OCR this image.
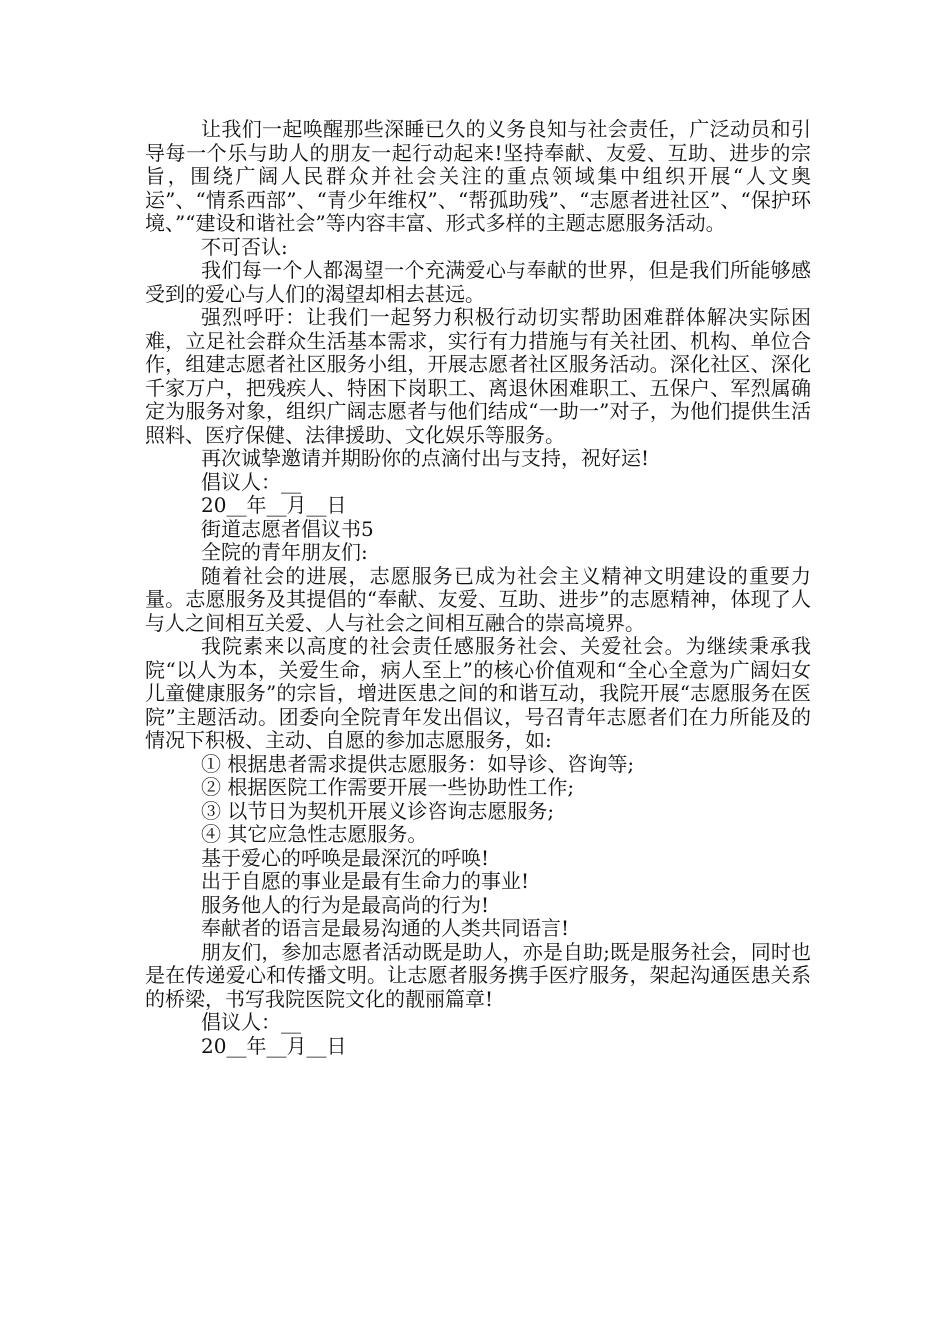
让我们一起唤醒那些深睡已久的义务良知与社会责任，广泛动员和引导每一个乐与助人的朋友一起行动起来!坚持奉献、友爱、互助、进步的宗旨，围绕广阔人民群众并社会关注的重点领域集中组织开展“人文奥运”、“情系西部”、“青少年维权”、“帮孤助残”、“志愿者进社区”、“保护环境、”“建设和谐社会”等内容丰富、形式多样的主题志愿服务活动。

不可否认:

我们每一个人都渴望一个充满爱心与奉献的世界，但是我们所能够感受到的爱心与人们的渴望却相去甚远。

强烈呼吁：让我们一起努力积极行动切实帮助困难群体解决实际困难，立足社会群众生活基本需求，实行有力措施与有关社团、机构、单位合作，组建志愿者社区服务小组，开展志愿者社区服务活动。深化社区、深化千家万户，把残疾人、特困下岗职工、离退休困难职工、五保户、军烈属确定为服务对象，组织广阔志愿者与他们结成“一助一”对子，为他们提供生活照料、医疗保健、法律援助、文化娱乐等服务。

再次诚挚邀请并期盼你的点滴付出与支持，祝好运!

倡议人：__

20__年__月__日

街道志愿者倡议书5

全院的青年朋友们:

随着社会的进展，志愿服务已成为社会主义精神文明建设的重要力量。志愿服务及其提倡的“奉献、友爱、互助、进步”的志愿精神，体现了人与人之间相互关爱、人与社会之间相互融合的崇高境界。

我院素来以高度的社会责任感服务社会、关爱社会。为继续秉承我院“以人为本，关爱生命，病人至上”的核心价值观和“全心全意为广阔妇女儿童健康服务”的宗旨，增进医患之间的和谐互动，我院开展“志愿服务在医院”主题活动。团委向全院青年发出倡议，号召青年志愿者们在力所能及的情况下积极、主动、自愿的参加志愿服务，如:

① 根据患者需求提供志愿服务：如导诊、咨询等;

② 根据医院工作需要开展一些协助性工作;

③ 以节日为契机开展义诊咨询志愿服务;

④ 其它应急性志愿服务。

基于爱心的呼唤是最深沉的呼唤!

出于自愿的事业是最有生命力的事业!

服务他人的行为是最高尚的行为!

奉献者的语言是最易沟通的人类共同语言!

朋友们，参加志愿者活动既是助人，亦是自助;既是服务社会，同时也是在传递爱心和传播文明。让志愿者服务携手医疗服务，架起沟通医患关系的桥梁，书写我院医院文化的靓丽篇章!

倡议人：__

20__年__月__日
